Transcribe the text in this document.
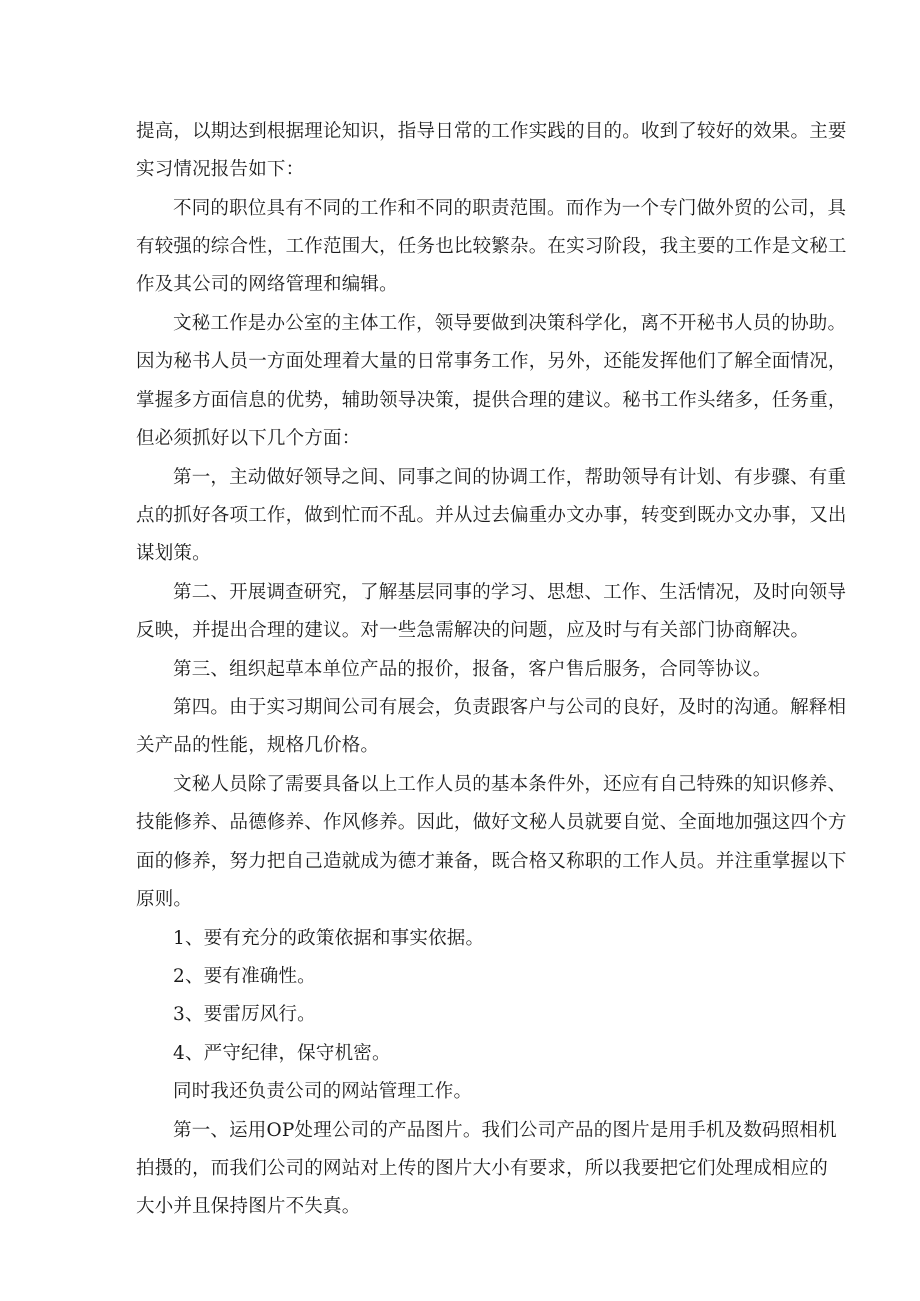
提高，以期达到根据理论知识，指导日常的工作实践的目的。收到了较好的效果。主要
实习情况报告如下：
不同的职位具有不同的工作和不同的职责范围。而作为一个专门做外贸的公司，具
有较强的综合性，工作范围大，任务也比较繁杂。在实习阶段，我主要的工作是文秘工
作及其公司的网络管理和编辑。
文秘工作是办公室的主体工作，领导要做到决策科学化，离不开秘书人员的协助。
因为秘书人员一方面处理着大量的日常事务工作，另外，还能发挥他们了解全面情况，
掌握多方面信息的优势，辅助领导决策，提供合理的建议。秘书工作头绪多，任务重，
但必须抓好以下几个方面：
第一，主动做好领导之间、同事之间的协调工作，帮助领导有计划、有步骤、有重
点的抓好各项工作，做到忙而不乱。并从过去偏重办文办事，转变到既办文办事，又出
谋划策。
第二、开展调查研究，了解基层同事的学习、思想、工作、生活情况，及时向领导
反映，并提出合理的建议。对一些急需解决的问题，应及时与有关部门协商解决。
第三、组织起草本单位产品的报价，报备，客户售后服务，合同等协议。
第四。由于实习期间公司有展会，负责跟客户与公司的良好，及时的沟通。解释相
关产品的性能，规格几价格。
文秘人员除了需要具备以上工作人员的基本条件外，还应有自己特殊的知识修养、
技能修养、品德修养、作风修养。因此，做好文秘人员就要自觉、全面地加强这四个方
面的修养，努力把自己造就成为德才兼备，既合格又称职的工作人员。并注重掌握以下
原则。
1、要有充分的政策依据和事实依据。
2、要有准确性。
3、要雷厉风行。
4、严守纪律，保守机密。
同时我还负责公司的网站管理工作。
第一、运用OP处理公司的产品图片。我们公司产品的图片是用手机及数码照相机
拍摄的，而我们公司的网站对上传的图片大小有要求，所以我要把它们处理成相应的
大小并且保持图片不失真。
